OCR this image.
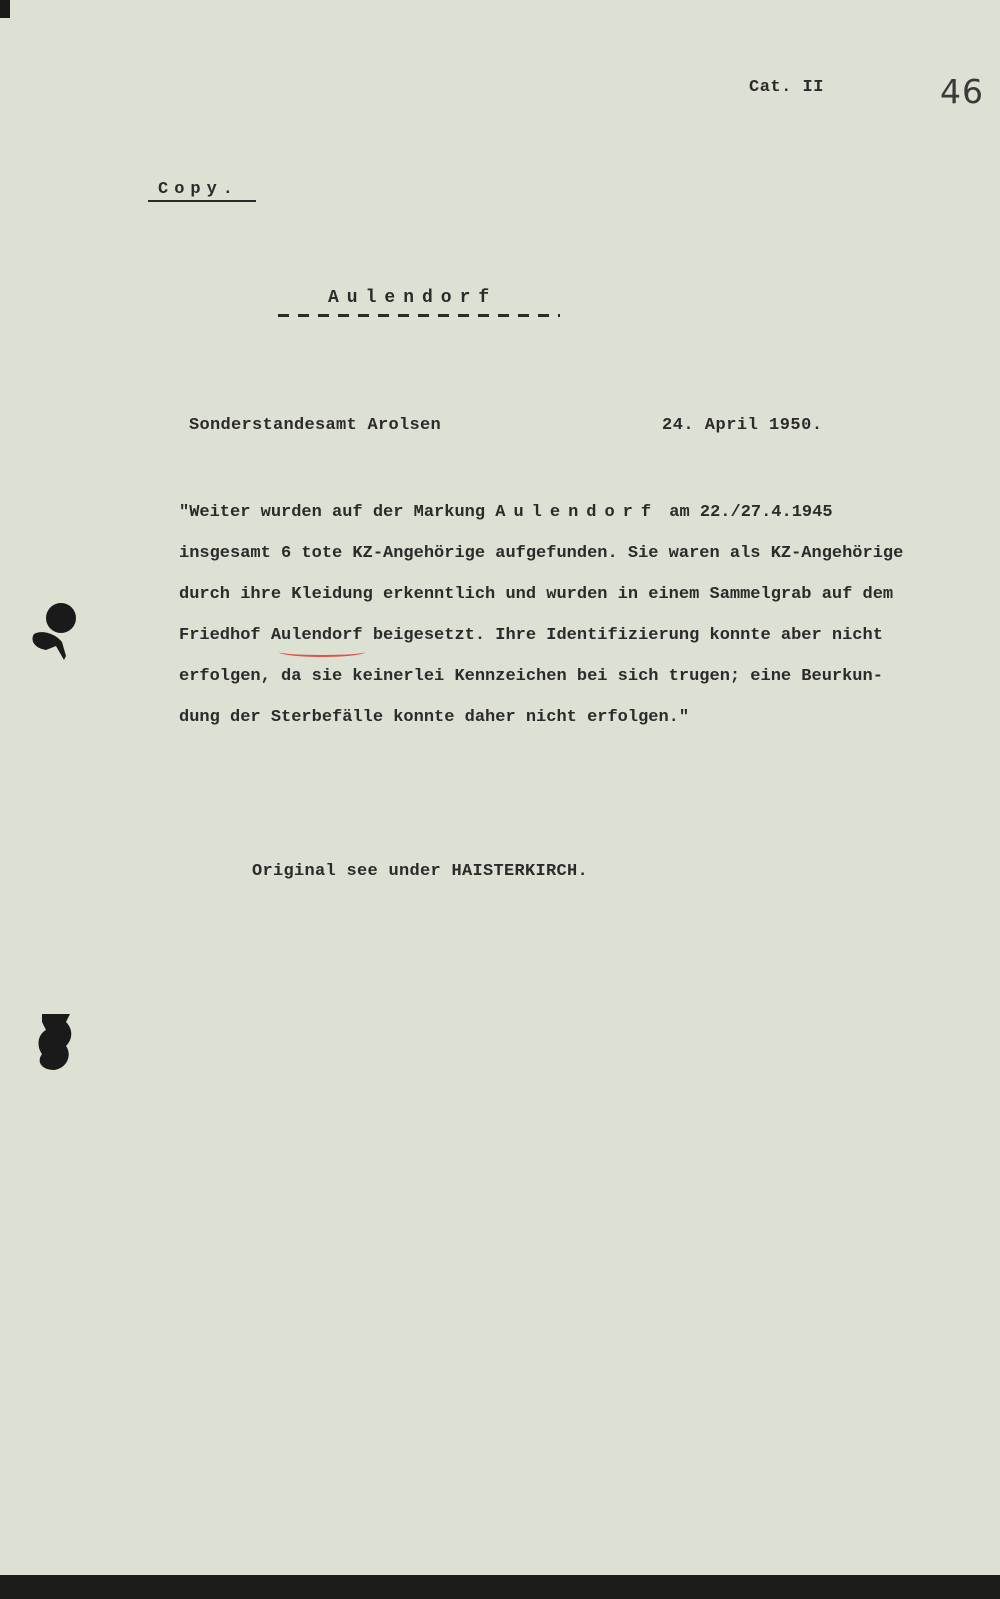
Cat. II	46
Copy.
Aulendorf
Sonderstandesamt Arolsen	24. April 1950.
"Weiter wurden auf der Markung Aulendorf am 22./27.4.1945
insgesamt 6 tote KZ-Angehörige aufgefunden. Sie waren als KZ-Angehörige
durch ihre Kleidung erkenntlich und wurden in einem Sammelgrab auf dem
Friedhof Aulendorf beigesetzt. Ihre Identifizierung konnte aber nicht
erfolgen, da sie keinerlei Kennzeichen bei sich trugen; eine Beurkun-
dung der Sterbefälle konnte daher nicht erfolgen."
Original see under HAISTERKIRCH.
